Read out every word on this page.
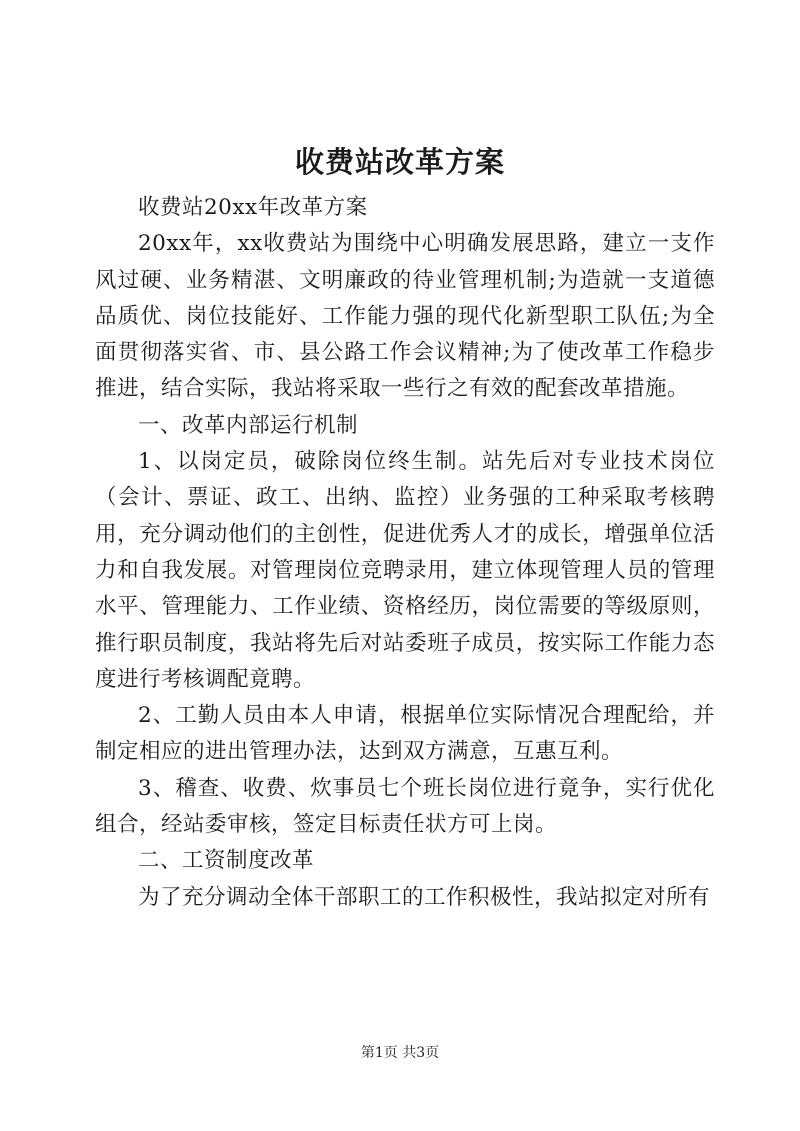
收费站改革方案

收费站20xx年改革方案

20xx年，xx收费站为围绕中心明确发展思路，建立一支作风过硬、业务精湛、文明廉政的待业管理机制;为造就一支道德品质优、岗位技能好、工作能力强的现代化新型职工队伍;为全面贯彻落实省、市、县公路工作会议精神;为了使改革工作稳步推进，结合实际，我站将采取一些行之有效的配套改革措施。

一、改革内部运行机制

1、以岗定员，破除岗位终生制。站先后对专业技术岗位（会计、票证、政工、出纳、监控）业务强的工种采取考核聘用，充分调动他们的主创性，促进优秀人才的成长，增强单位活力和自我发展。对管理岗位竞聘录用，建立体现管理人员的管理水平、管理能力、工作业绩、资格经历，岗位需要的等级原则，推行职员制度，我站将先后对站委班子成员，按实际工作能力态度进行考核调配竟聘。

2、工勤人员由本人申请，根据单位实际情况合理配给，并制定相应的进出管理办法，达到双方满意，互惠互利。

3、稽查、收费、炊事员七个班长岗位进行竟争，实行优化组合，经站委审核，签定目标责任状方可上岗。

二、工资制度改革

为了充分调动全体干部职工的工作积极性，我站拟定对所有

第1页 共3页
